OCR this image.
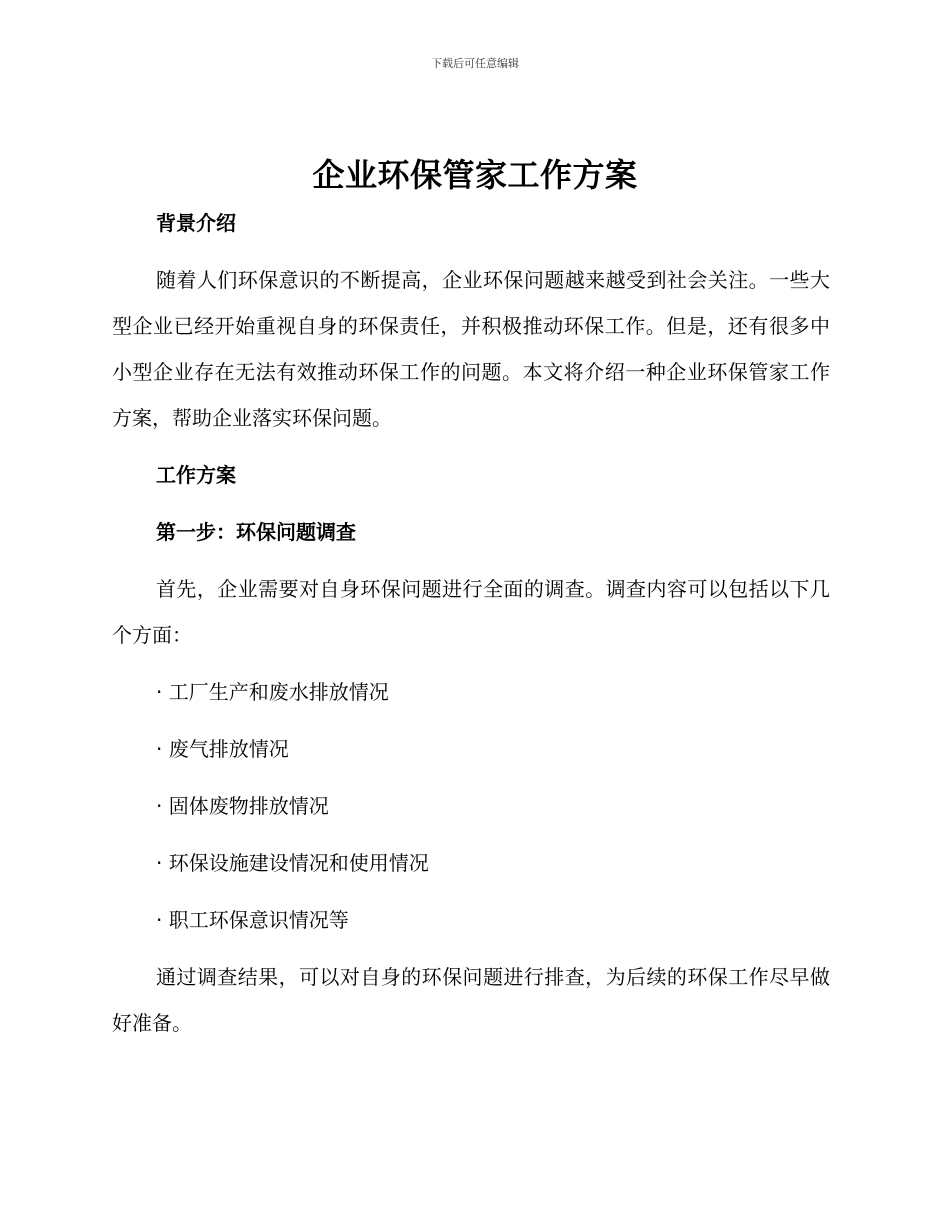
下载后可任意编辑
企业环保管家工作方案

背景介绍

随着人们环保意识的不断提高，企业环保问题越来越受到社会关注。一些大型企业已经开始重视自身的环保责任，并积极推动环保工作。但是，还有很多中小型企业存在无法有效推动环保工作的问题。本文将介绍一种企业环保管家工作方案，帮助企业落实环保问题。

工作方案

第一步：环保问题调查

首先，企业需要对自身环保问题进行全面的调查。调查内容可以包括以下几个方面：

· 工厂生产和废水排放情况

· 废气排放情况

· 固体废物排放情况

· 环保设施建设情况和使用情况

· 职工环保意识情况等

通过调查结果，可以对自身的环保问题进行排查，为后续的环保工作尽早做好准备。
